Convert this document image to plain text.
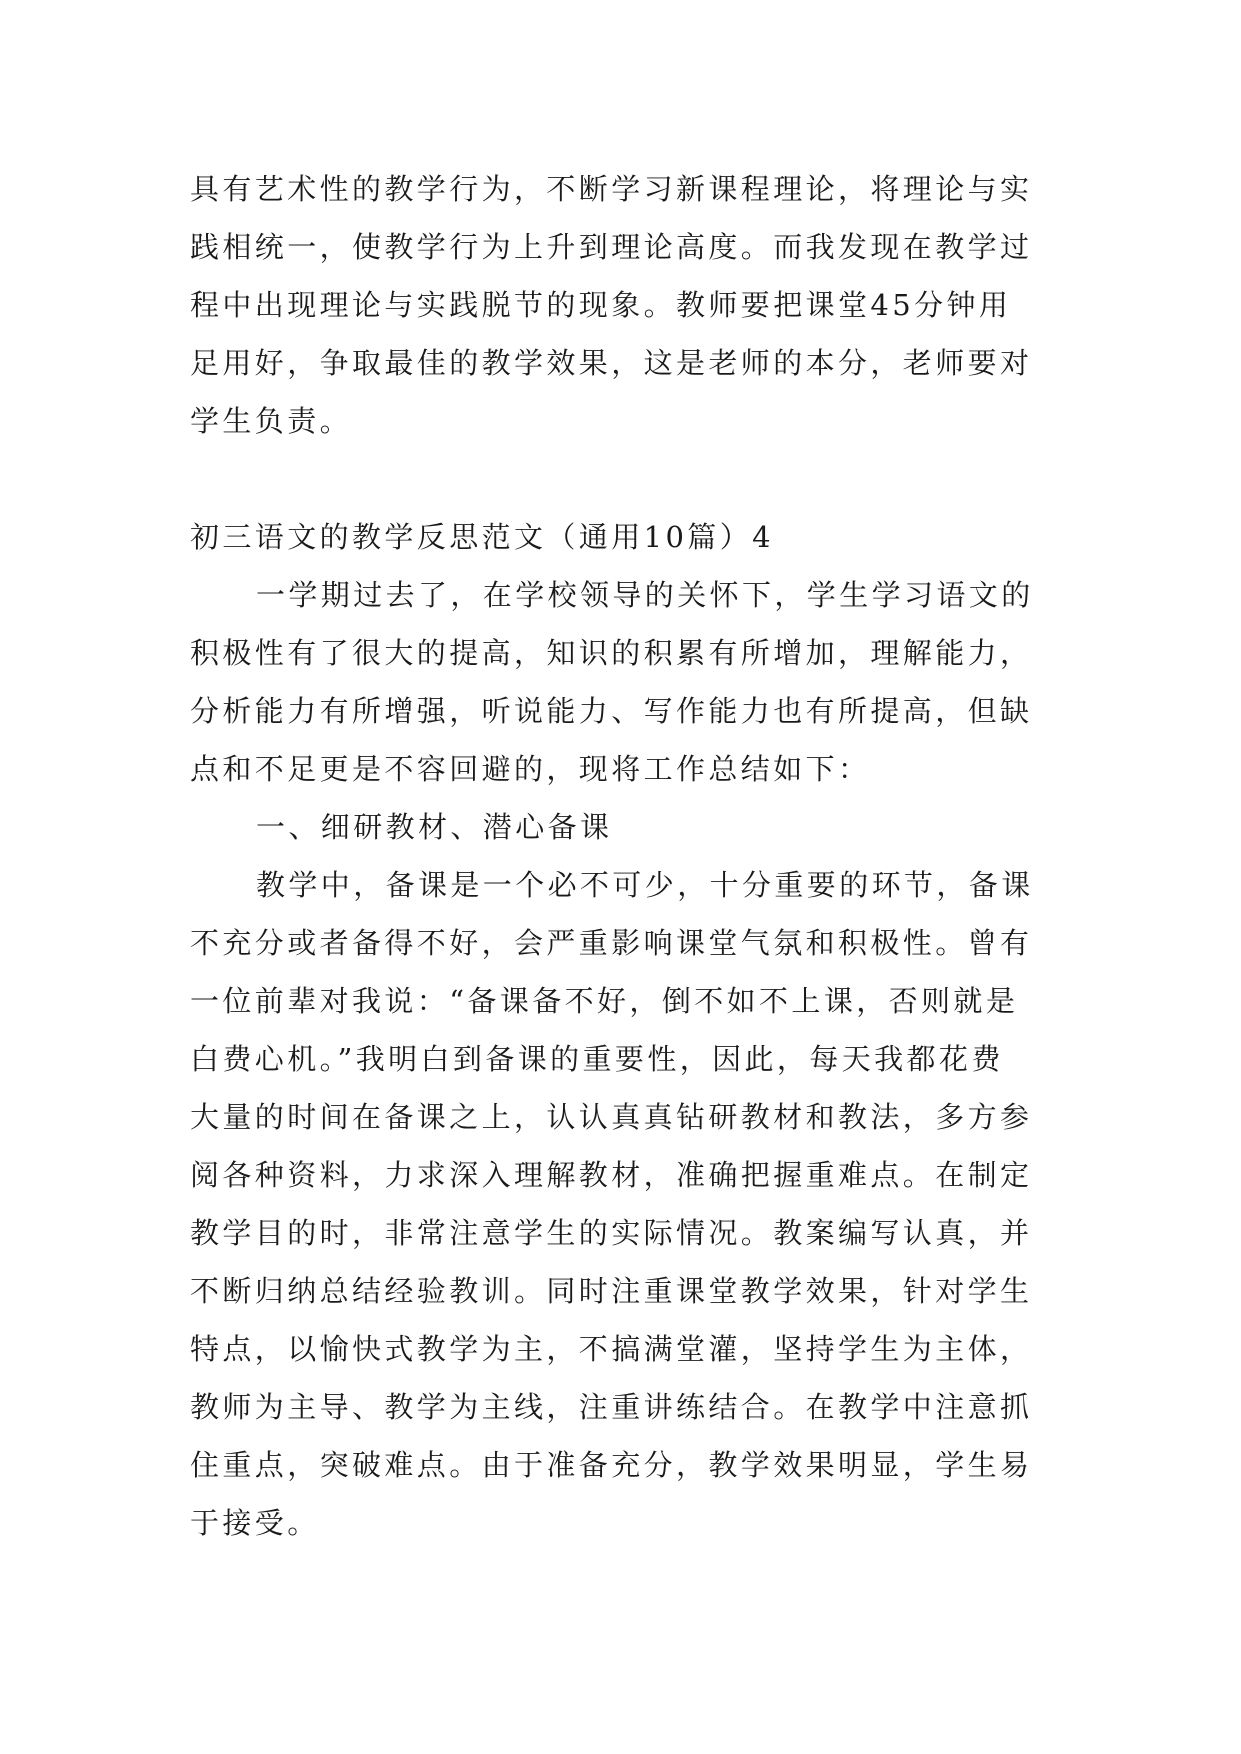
具有艺术性的教学行为，不断学习新课程理论，将理论与实
践相统一，使教学行为上升到理论高度。而我发现在教学过
程中出现理论与实践脱节的现象。教师要把课堂45分钟用
足用好，争取最佳的教学效果，这是老师的本分，老师要对
学生负责。
初三语文的教学反思范文（通用10篇）4
一学期过去了，在学校领导的关怀下，学生学习语文的
积极性有了很大的提高，知识的积累有所增加，理解能力，
分析能力有所增强，听说能力、写作能力也有所提高，但缺
点和不足更是不容回避的，现将工作总结如下：
一、细研教材、潜心备课
教学中，备课是一个必不可少，十分重要的环节，备课
不充分或者备得不好，会严重影响课堂气氛和积极性。曾有
一位前辈对我说：“备课备不好，倒不如不上课，否则就是
白费心机。”我明白到备课的重要性，因此，每天我都花费
大量的时间在备课之上，认认真真钻研教材和教法，多方参
阅各种资料，力求深入理解教材，准确把握重难点。在制定
教学目的时，非常注意学生的实际情况。教案编写认真，并
不断归纳总结经验教训。同时注重课堂教学效果，针对学生
特点，以愉快式教学为主，不搞满堂灌，坚持学生为主体，
教师为主导、教学为主线，注重讲练结合。在教学中注意抓
住重点，突破难点。由于准备充分，教学效果明显，学生易
于接受。
